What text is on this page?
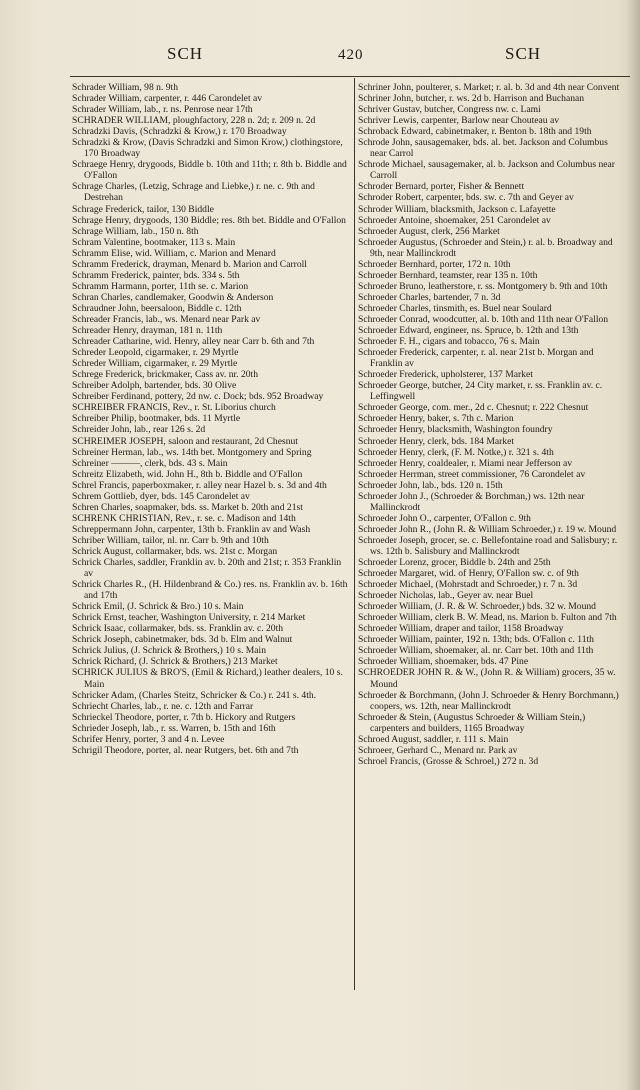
SCH	420	SCH
Schrader William, 98 n. 9th
Schrader William, carpenter, r. 446 Carondelet av
Schrader William, lab., r. ns. Penrose near 17th
SCHRADER WILLIAM, ploughfactory, 228 n. 2d; r. 209 n. 2d
Schradzki Davis, (Schradzki & Krow,) r. 170 Broadway
Schradzki & Krow, (Davis Schradzki and Simon Krow,) clothingstore, 170 Broadway
Schraege Henry, drygoods, Biddle b. 10th and 11th; r. 8th b. Biddle and O'Fallon
Schrage Charles, (Letzig, Schrage and Liebke,) r. ne. c. 9th and Destrehan
Schrage Frederick, tailor, 130 Biddle
Schrage Henry, drygoods, 130 Biddle; res. 8th bet. Biddle and O'Fallon
Schrage William, lab., 150 n. 8th
Schram Valentine, bootmaker, 113 s. Main
Schramm Elise, wid. William, c. Marion and Menard
Schramm Frederick, drayman, Menard b. Marion and Carroll
Schramm Frederick, painter, bds. 334 s. 5th
Schramm Harmann, porter, 11th se. c. Marion
Schran Charles, candlemaker, Goodwin & Anderson
Schraudner John, beersaloon, Biddle c. 12th
Schreader Francis, lab., ws. Menard near Park av
Schreader Henry, drayman, 181 n. 11th
Schreader Catharine, wid. Henry, alley near Carr b. 6th and 7th
Schreder Leopold, cigarmaker, r. 29 Myrtle
Schreder William, cigarmaker, r. 29 Myrtle
Schrege Frederick, brickmaker, Cass av. nr. 20th
Schreiber Adolph, bartender, bds. 30 Olive
Schreiber Ferdinand, pottery, 2d nw. c. Dock; bds. 952 Broadway
SCHREIBER FRANCIS, Rev., r. St. Liborius church
Schreiber Philip, bootmaker, bds. 11 Myrtle
Schreider John, lab., rear 126 s. 2d
SCHREIMER JOSEPH, saloon and restaurant, 2d Chesnut
Schreiner Herman, lab., ws. 14th bet. Montgomery and Spring
Schreiner ———, clerk, bds. 43 s. Main
Schreitz Elizabeth, wid. John H., 8th b. Biddle and O'Fallon
Schrel Francis, paperboxmaker, r. alley near Hazel b. s. 3d and 4th
Schrem Gottlieb, dyer, bds. 145 Carondelet av
Schren Charles, soapmaker, bds. ss. Market b. 20th and 21st
SCHRENK CHRISTIAN, Rev., r. se. c. Madison and 14th
Schreppermann John, carpenter, 13th b. Franklin av and Wash
Schriber William, tailor, nl. nr. Carr b. 9th and 10th
Schrick August, collarmaker, bds. ws. 21st c. Morgan
Schrick Charles, saddler, Franklin av. b. 20th and 21st; r. 353 Franklin av
Schrick Charles R., (H. Hildenbrand & Co.) res. ns. Franklin av. b. 16th and 17th
Schrick Emil, (J. Schrick & Bro.) 10 s. Main
Schrick Ernst, teacher, Washington University, r. 214 Market
Schrick Isaac, collarmaker, bds. ss. Franklin av. c. 20th
Schrick Joseph, cabinetmaker, bds. 3d b. Elm and Walnut
Schrick Julius, (J. Schrick & Brothers,) 10 s. Main
Schrick Richard, (J. Schrick & Brothers,) 213 Market
SCHRICK JULIUS & BRO'S, (Emil & Richard,) leather dealers, 10 s. Main
Schricker Adam, (Charles Steitz, Schricker & Co.) r. 241 s. 4th.
Schriecht Charles, lab., r. ne. c. 12th and Farrar
Schrieckel Theodore, porter, r. 7th b. Hickory and Rutgers
Schrieder Joseph, lab., r. ss. Warren, b. 15th and 16th
Schrifer Henry, porter, 3 and 4 n. Levee
Schrigil Theodore, porter, al. near Rutgers, bet. 6th and 7th
Schriner John, poulterer, s. Market; r. al. b. 3d and 4th near Convent
Schriner John, butcher, r. ws. 2d b. Harrison and Buchanan
Schriver Gustav, butcher, Congress nw. c. Lami
Schriver Lewis, carpenter, Barlow near Chouteau av
Schroback Edward, cabinetmaker, r. Benton b. 18th and 19th
Schrode John, sausagemaker, bds. al. bet. Jackson and Columbus near Carrol
Schrode Michael, sausagemaker, al. b. Jackson and Columbus near Carroll
Schroder Bernard, porter, Fisher & Bennett
Schroder Robert, carpenter, bds. sw. c. 7th and Geyer av
Schroder William, blacksmith, Jackson c. Lafayette
Schroeder Antoine, shoemaker, 251 Carondelet av
Schroeder August, clerk, 256 Market
Schroeder Augustus, (Schroeder and Stein,) r. al. b. Broadway and 9th, near Mallinckrodt
Schroeder Bernhard, porter, 172 n. 10th
Schroeder Bernhard, teamster, rear 135 n. 10th
Schroeder Bruno, leatherstore, r. ss. Montgomery b. 9th and 10th
Schroeder Charles, bartender, 7 n. 3d
Schroeder Charles, tinsmith, es. Buel near Soulard
Schroeder Conrad, woodcutter, al. b. 10th and 11th near O'Fallon
Schroeder Edward, engineer, ns. Spruce, b. 12th and 13th
Schroeder F. H., cigars and tobacco, 76 s. Main
Schroeder Frederick, carpenter, r. al. near 21st b. Morgan and Franklin av
Schroeder Frederick, upholsterer, 137 Market
Schroeder George, butcher, 24 City market, r. ss. Franklin av. c. Leffingwell
Schroeder George, com. mer., 2d c. Chesnut; r. 222 Chesnut
Schroeder Henry, baker, s. 7th c. Marion
Schroeder Henry, blacksmith, Washington foundry
Schroeder Henry, clerk, bds. 184 Market
Schroeder Henry, clerk, (F. M. Notke,) r. 321 s. 4th
Schroeder Henry, coaldealer, r. Miami near Jefferson av
Schroeder Herrman, street commissioner, 76 Carondelet av
Schroeder John, lab., bds. 120 n. 15th
Schroeder John J., (Schroeder & Borchman,) ws. 12th near Mallinckrodt
Schroeder John O., carpenter, O'Fallon c. 9th
Schroeder John R., (John R. & William Schroeder,) r. 19 w. Mound
Schroeder Joseph, grocer, se. c. Bellefontaine road and Salisbury; r. ws. 12th b. Salisbury and Mallinckrodt
Schroeder Lorenz, grocer, Biddle b. 24th and 25th
Schroeder Margaret, wid. of Henry, O'Fallon sw. c. of 9th
Schroeder Michael, (Mohrstadt and Schroeder,) r. 7 n. 3d
Schroeder Nicholas, lab., Geyer av. near Buel
Schroeder William, (J. R. & W. Schroeder,) bds. 32 w. Mound
Schroeder William, clerk B. W. Mead, ns. Marion b. Fulton and 7th
Schroeder William, draper and tailor, 1158 Broadway
Schroeder William, painter, 192 n. 13th; bds. O'Fallon c. 11th
Schroeder William, shoemaker, al. nr. Carr bet. 10th and 11th
Schroeder William, shoemaker, bds. 47 Pine
SCHROEDER JOHN R. & W., (John R. & William) grocers, 35 w. Mound
Schroeder & Borchmann, (John J. Schroeder & Henry Borchmann,) coopers, ws. 12th, near Mallinckrodt
Schroeder & Stein, (Augustus Schroeder & William Stein,) carpenters and builders, 1165 Broadway
Schroed August, saddler, r. 111 s. Main
Schroeer, Gerhard C., Menard nr. Park av
Schroel Francis, (Grosse & Schroel,) 272 n. 3d
